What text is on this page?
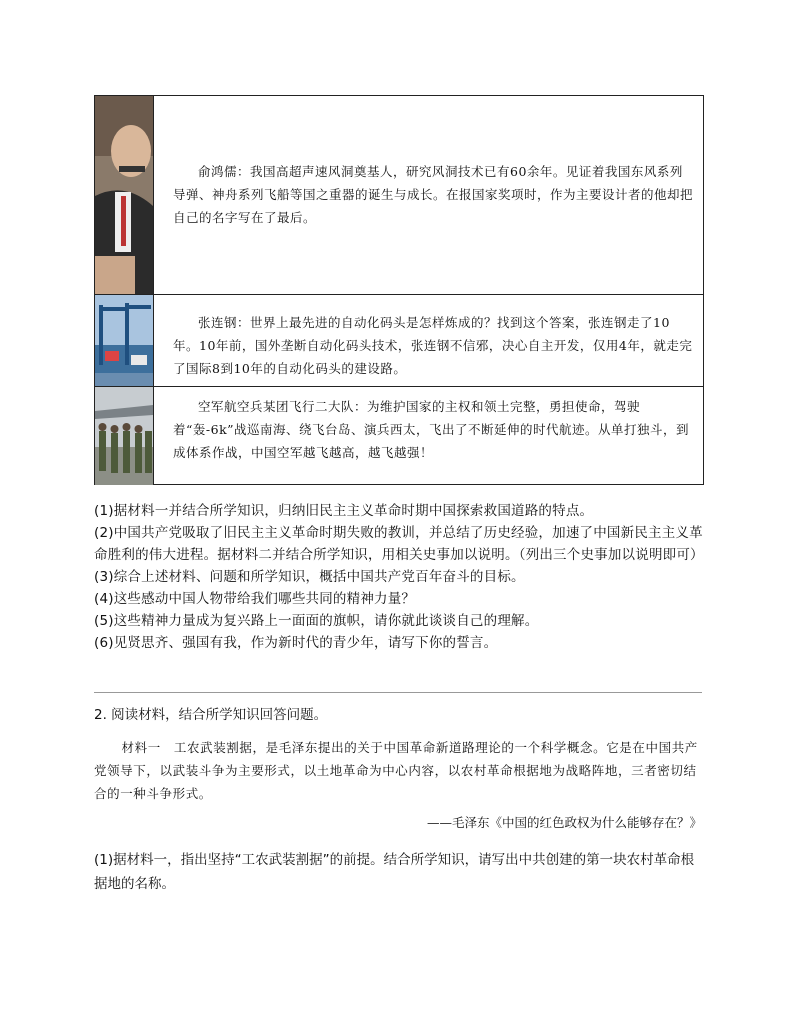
俞鸿儒：我国高超声速风洞奠基人，研究风洞技术已有60余年。见证着我国东风系列导弹、神舟系列飞船等国之重器的诞生与成长。在报国家奖项时，作为主要设计者的他却把自己的名字写在了最后。
张连钢：世界上最先进的自动化码头是怎样炼成的？找到这个答案，张连钢走了10年。10年前，国外垄断自动化码头技术，张连钢不信邪，决心自主开发，仅用4年，就走完了国际8到10年的自动化码头的建设路。
空军航空兵某团飞行二大队：为维护国家的主权和领土完整，勇担使命，驾驶着“轰-6k”战巡南海、绕飞台岛、演兵西太，飞出了不断延伸的时代航迹。从单打独斗，到成体系作战，中国空军越飞越高，越飞越强！

(1)据材料一并结合所学知识，归纳旧民主主义革命时期中国探索救国道路的特点。

(2)中国共产党吸取了旧民主主义革命时期失败的教训，并总结了历史经验，加速了中国新民主主义革命胜利的伟大进程。据材料二并结合所学知识，用相关史事加以说明。（列出三个史事加以说明即可）

(3)综合上述材料、问题和所学知识，概括中国共产党百年奋斗的目标。

(4)这些感动中国人物带给我们哪些共同的精神力量？

(5)这些精神力量成为复兴路上一面面的旗帜，请你就此谈谈自己的理解。

(6)见贤思齐、强国有我，作为新时代的青少年，请写下你的誓言。

2. 阅读材料，结合所学知识回答问题。

材料一　工农武装割据，是毛泽东提出的关于中国革命新道路理论的一个科学概念。它是在中国共产党领导下，以武装斗争为主要形式，以土地革命为中心内容，以农村革命根据地为战略阵地，三者密切结合的一种斗争形式。

——毛泽东《中国的红色政权为什么能够存在？》

(1)据材料一，指出坚持“工农武装割据”的前提。结合所学知识，请写出中共创建的第一块农村革命根据地的名称。
